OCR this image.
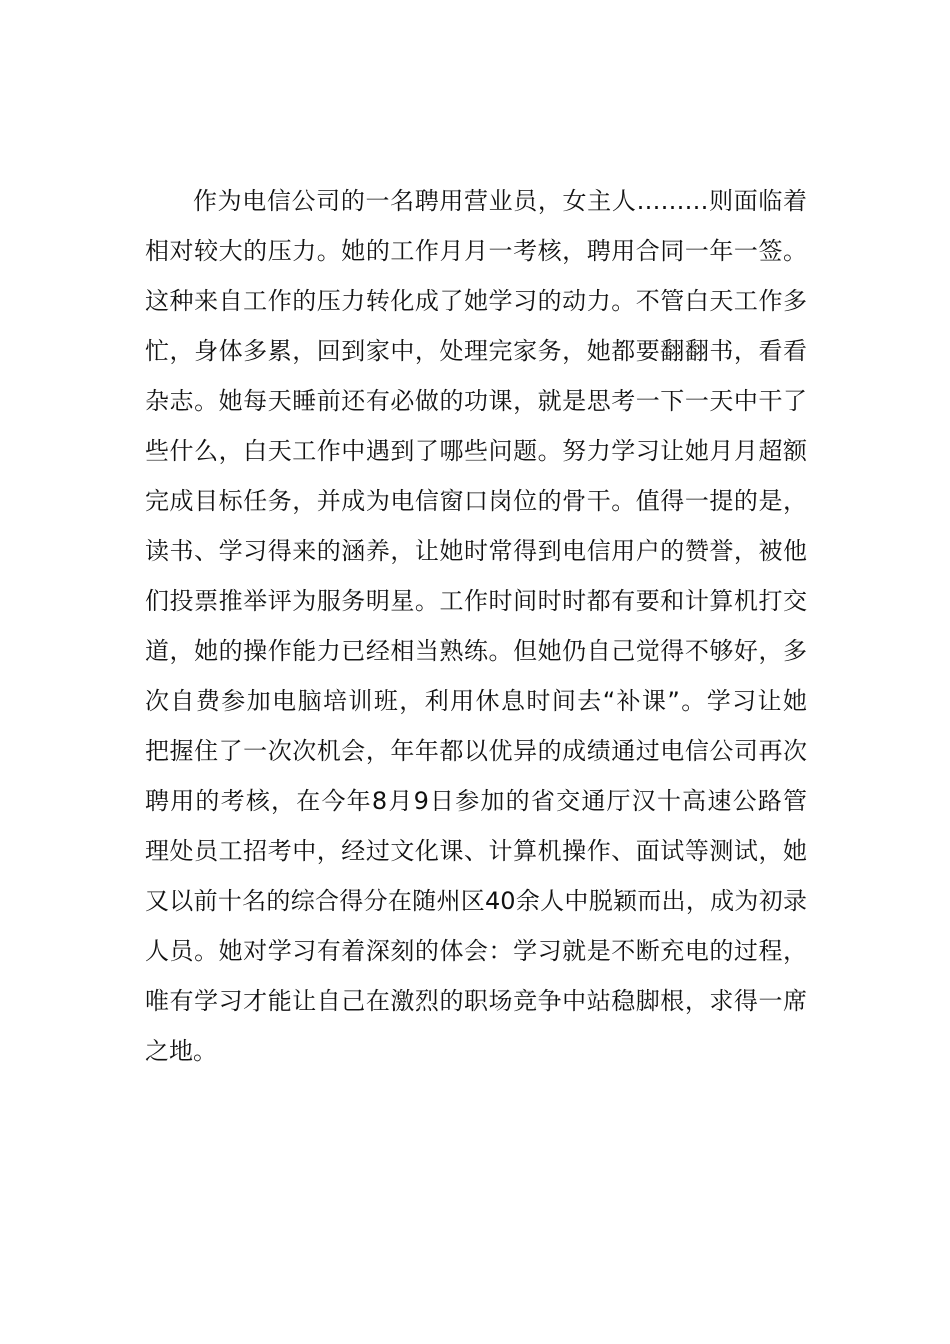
作为电信公司的一名聘用营业员，女主人………则面临着
相对较大的压力。她的工作月月一考核，聘用合同一年一签。
这种来自工作的压力转化成了她学习的动力。不管白天工作多
忙，身体多累，回到家中，处理完家务，她都要翻翻书，看看
杂志。她每天睡前还有必做的功课，就是思考一下一天中干了
些什么，白天工作中遇到了哪些问题。努力学习让她月月超额
完成目标任务，并成为电信窗口岗位的骨干。值得一提的是，
读书、学习得来的涵养，让她时常得到电信用户的赞誉，被他
们投票推举评为服务明星。工作时间时时都有要和计算机打交
道，她的操作能力已经相当熟练。但她仍自己觉得不够好，多
次自费参加电脑培训班，利用休息时间去“补课”。学习让她
把握住了一次次机会，年年都以优异的成绩通过电信公司再次
聘用的考核，在今年8月9日参加的省交通厅汉十高速公路管
理处员工招考中，经过文化课、计算机操作、面试等测试，她
又以前十名的综合得分在随州区40余人中脱颖而出，成为初录
人员。她对学习有着深刻的体会：学习就是不断充电的过程，
唯有学习才能让自己在激烈的职场竞争中站稳脚根，求得一席
之地。
